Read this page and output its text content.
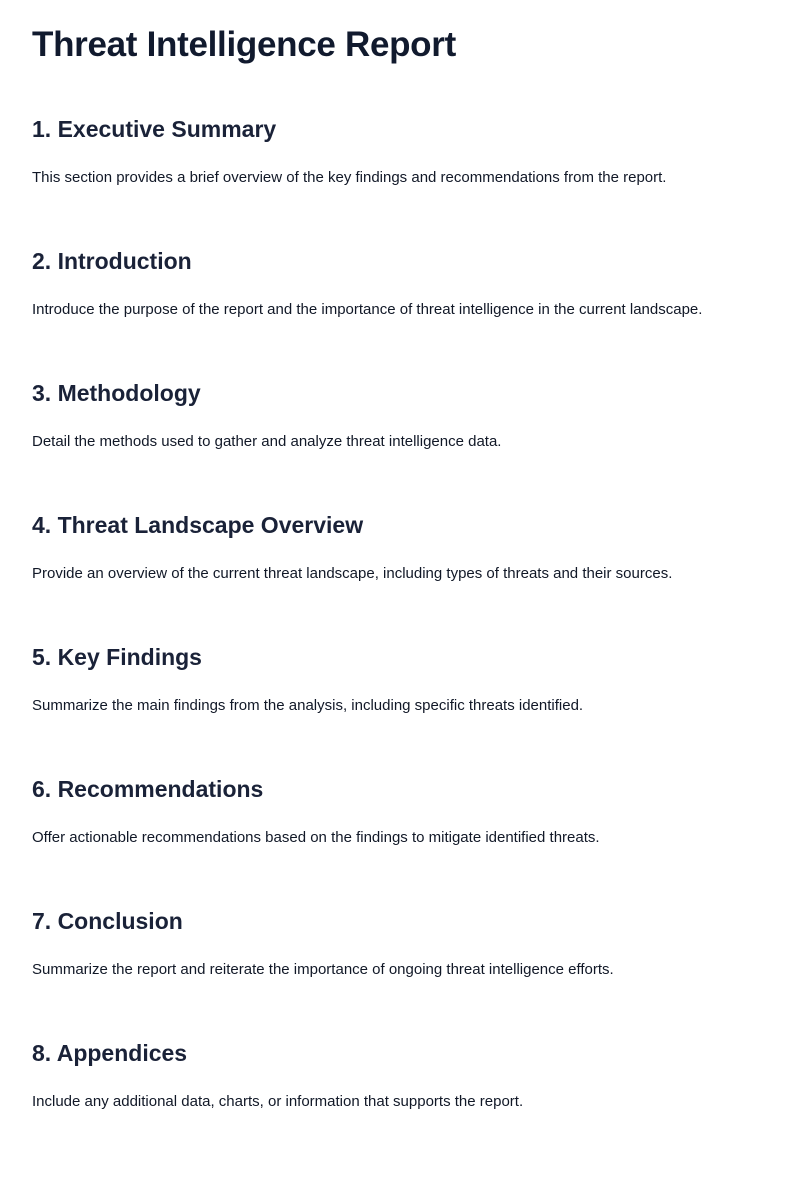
Threat Intelligence Report
1. Executive Summary

This section provides a brief overview of the key findings and recommendations from the report.

2. Introduction

Introduce the purpose of the report and the importance of threat intelligence in the current landscape.

3. Methodology

Detail the methods used to gather and analyze threat intelligence data.

4. Threat Landscape Overview

Provide an overview of the current threat landscape, including types of threats and their sources.

5. Key Findings

Summarize the main findings from the analysis, including specific threats identified.

6. Recommendations

Offer actionable recommendations based on the findings to mitigate identified threats.

7. Conclusion

Summarize the report and reiterate the importance of ongoing threat intelligence efforts.

8. Appendices

Include any additional data, charts, or information that supports the report.
